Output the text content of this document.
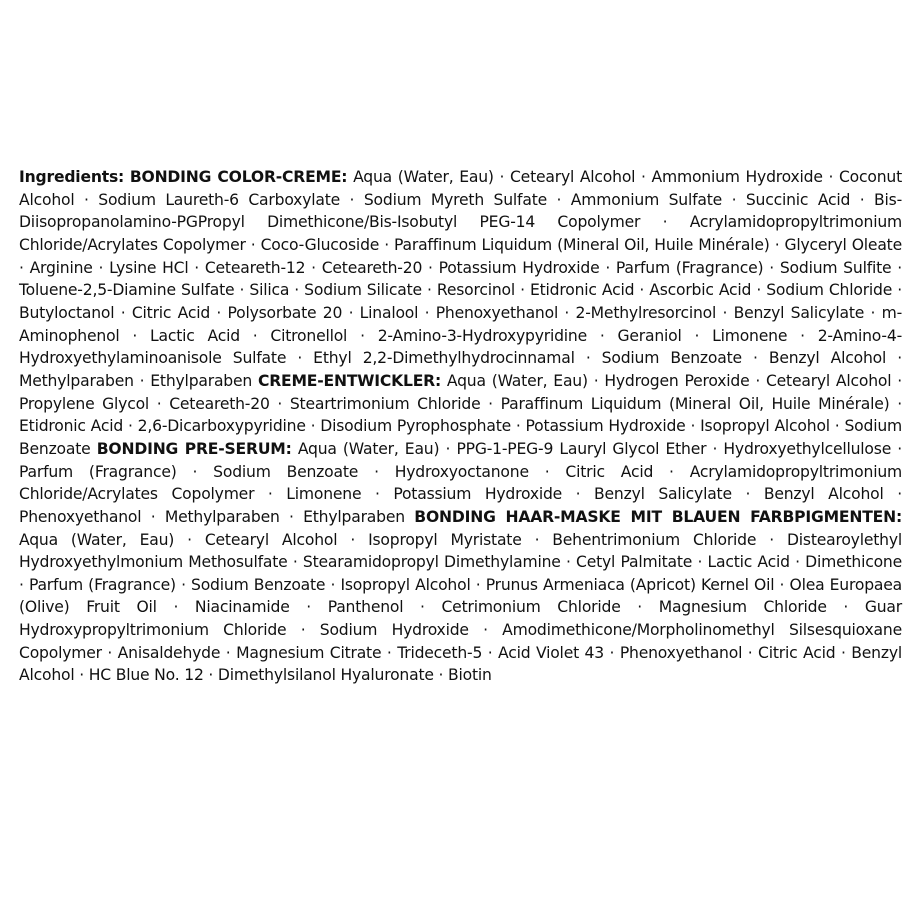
Ingredients: BONDING COLOR-CREME: Aqua (Water, Eau) · Cetearyl Alcohol · Ammonium Hydroxide · Coconut Alcohol · Sodium Laureth-6 Carboxylate · Sodium Myreth Sulfate · Ammonium Sulfate · Succinic Acid · Bis-Diisopropanolamino-PGPropyl Dimethicone/Bis-Isobutyl PEG-14 Copolymer · Acrylamidopropyltrimonium Chloride/Acrylates Copolymer · Coco-Glucoside · Paraffinum Liquidum (Mineral Oil, Huile Minérale) · Glyceryl Oleate · Arginine · Lysine HCl · Ceteareth-12 · Ceteareth-20 · Potassium Hydroxide · Parfum (Fragrance) · Sodium Sulfite · Toluene-2,5-Diamine Sulfate · Silica · Sodium Silicate · Resorcinol · Etidronic Acid · Ascorbic Acid · Sodium Chloride · Butyloctanol · Citric Acid · Polysorbate 20 · Linalool · Phenoxyethanol · 2-Methylresorcinol · Benzyl Salicylate · m-Aminophenol · Lactic Acid · Citronellol · 2-Amino-3-Hydroxypyridine · Geraniol · Limonene · 2-Amino-4-Hydroxyethylaminoanisole Sulfate · Ethyl 2,2-Dimethylhydrocinnamal · Sodium Benzoate · Benzyl Alcohol · Methylparaben · Ethylparaben CREME-ENTWICKLER: Aqua (Water, Eau) · Hydrogen Peroxide · Cetearyl Alcohol · Propylene Glycol · Ceteareth-20 · Steartrimonium Chloride · Paraffinum Liquidum (Mineral Oil, Huile Minérale) · Etidronic Acid · 2,6-Dicarboxypyridine · Disodium Pyrophosphate · Potassium Hydroxide · Isopropyl Alcohol · Sodium Benzoate BONDING PRE-SERUM: Aqua (Water, Eau) · PPG-1-PEG-9 Lauryl Glycol Ether · Hydroxyethylcellulose · Parfum (Fragrance) · Sodium Benzoate · Hydroxyoctanone · Citric Acid · Acrylamidopropyltrimonium Chloride/Acrylates Copolymer · Limonene · Potassium Hydroxide · Benzyl Salicylate · Benzyl Alcohol · Phenoxyethanol · Methylparaben · Ethylparaben BONDING HAAR-MASKE MIT BLAUEN FARBPIGMENTEN: Aqua (Water, Eau) · Cetearyl Alcohol · Isopropyl Myristate · Behentrimonium Chloride · Distearoylethyl Hydroxyethylmonium Methosulfate · Stearamidopropyl Dimethylamine · Cetyl Palmitate · Lactic Acid · Dimethicone · Parfum (Fragrance) · Sodium Benzoate · Isopropyl Alcohol · Prunus Armeniaca (Apricot) Kernel Oil · Olea Europaea (Olive) Fruit Oil · Niacinamide · Panthenol · Cetrimonium Chloride · Magnesium Chloride · Guar Hydroxypropyltrimonium Chloride · Sodium Hydroxide · Amodimethicone/Morpholinomethyl Silsesquioxane Copolymer · Anisaldehyde · Magnesium Citrate · Trideceth-5 · Acid Violet 43 · Phenoxyethanol · Citric Acid · Benzyl Alcohol · HC Blue No. 12 · Dimethylsilanol Hyaluronate · Biotin
